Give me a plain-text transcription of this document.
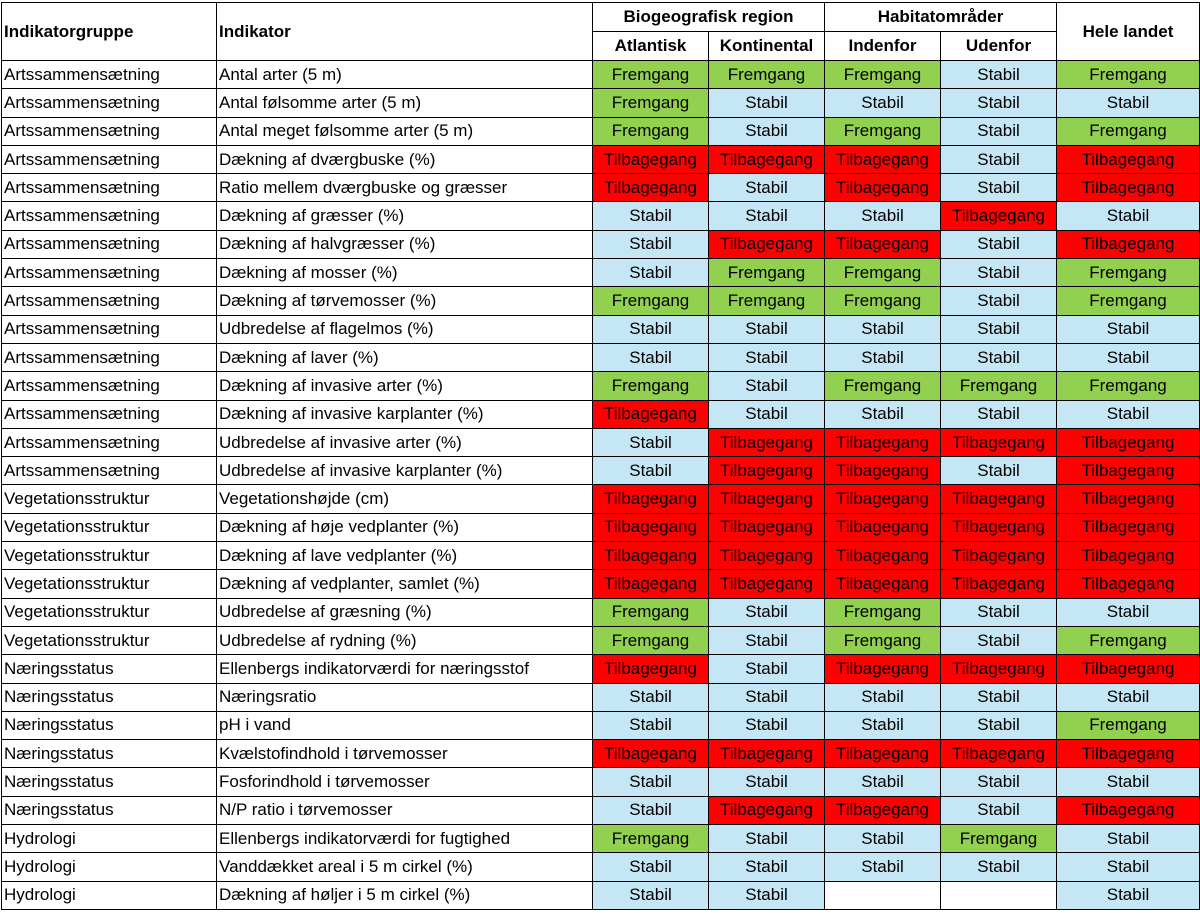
Indikatorgruppe	Indikator	Biogeografisk region		Habitatområder		Hele landet
		Atlantisk	Kontinental	Indenfor	Udenfor	
Artssammensætning	Antal arter (5 m)	Fremgang	Fremgang	Fremgang	Stabil	Fremgang
Artssammensætning	Antal følsomme arter (5 m)	Fremgang	Stabil	Stabil	Stabil	Stabil
Artssammensætning	Antal meget følsomme arter (5 m)	Fremgang	Stabil	Fremgang	Stabil	Fremgang
Artssammensætning	Dækning af dværgbuske (%)	Tilbagegang	Tilbagegang	Tilbagegang	Stabil	Tilbagegang
Artssammensætning	Ratio mellem dværgbuske og græsser	Tilbagegang	Stabil	Tilbagegang	Stabil	Tilbagegang
Artssammensætning	Dækning af græsser (%)	Stabil	Stabil	Stabil	Tilbagegang	Stabil
Artssammensætning	Dækning af halvgræsser (%)	Stabil	Tilbagegang	Tilbagegang	Stabil	Tilbagegang
Artssammensætning	Dækning af mosser (%)	Stabil	Fremgang	Fremgang	Stabil	Fremgang
Artssammensætning	Dækning af tørvemosser (%)	Fremgang	Fremgang	Fremgang	Stabil	Fremgang
Artssammensætning	Udbredelse af flagelmos (%)	Stabil	Stabil	Stabil	Stabil	Stabil
Artssammensætning	Dækning af laver (%)	Stabil	Stabil	Stabil	Stabil	Stabil
Artssammensætning	Dækning af invasive arter (%)	Fremgang	Stabil	Fremgang	Fremgang	Fremgang
Artssammensætning	Dækning af invasive karplanter (%)	Tilbagegang	Stabil	Stabil	Stabil	Stabil
Artssammensætning	Udbredelse af invasive arter (%)	Stabil	Tilbagegang	Tilbagegang	Tilbagegang	Tilbagegang
Artssammensætning	Udbredelse af invasive karplanter (%)	Stabil	Tilbagegang	Tilbagegang	Stabil	Tilbagegang
Vegetationsstruktur	Vegetationshøjde (cm)	Tilbagegang	Tilbagegang	Tilbagegang	Tilbagegang	Tilbagegang
Vegetationsstruktur	Dækning af høje vedplanter (%)	Tilbagegang	Tilbagegang	Tilbagegang	Tilbagegang	Tilbagegang
Vegetationsstruktur	Dækning af lave vedplanter (%)	Tilbagegang	Tilbagegang	Tilbagegang	Tilbagegang	Tilbagegang
Vegetationsstruktur	Dækning af vedplanter, samlet (%)	Tilbagegang	Tilbagegang	Tilbagegang	Tilbagegang	Tilbagegang
Vegetationsstruktur	Udbredelse af græsning (%)	Fremgang	Stabil	Fremgang	Stabil	Stabil
Vegetationsstruktur	Udbredelse af rydning (%)	Fremgang	Stabil	Fremgang	Stabil	Fremgang
Næringsstatus	Ellenbergs indikatorværdi for næringsstof	Tilbagegang	Stabil	Tilbagegang	Tilbagegang	Tilbagegang
Næringsstatus	Næringsratio	Stabil	Stabil	Stabil	Stabil	Stabil
Næringsstatus	pH i vand	Stabil	Stabil	Stabil	Stabil	Fremgang
Næringsstatus	Kvælstofindhold i tørvemosser	Tilbagegang	Tilbagegang	Tilbagegang	Tilbagegang	Tilbagegang
Næringsstatus	Fosforindhold i tørvemosser	Stabil	Stabil	Stabil	Stabil	Stabil
Næringsstatus	N/P ratio i tørvemosser	Stabil	Tilbagegang	Tilbagegang	Stabil	Tilbagegang
Hydrologi	Ellenbergs indikatorværdi for fugtighed	Fremgang	Stabil	Stabil	Fremgang	Stabil
Hydrologi	Vanddækket areal i 5 m cirkel (%)	Stabil	Stabil	Stabil	Stabil	Stabil
Hydrologi	Dækning af høljer i 5 m cirkel (%)	Stabil	Stabil			Stabil
